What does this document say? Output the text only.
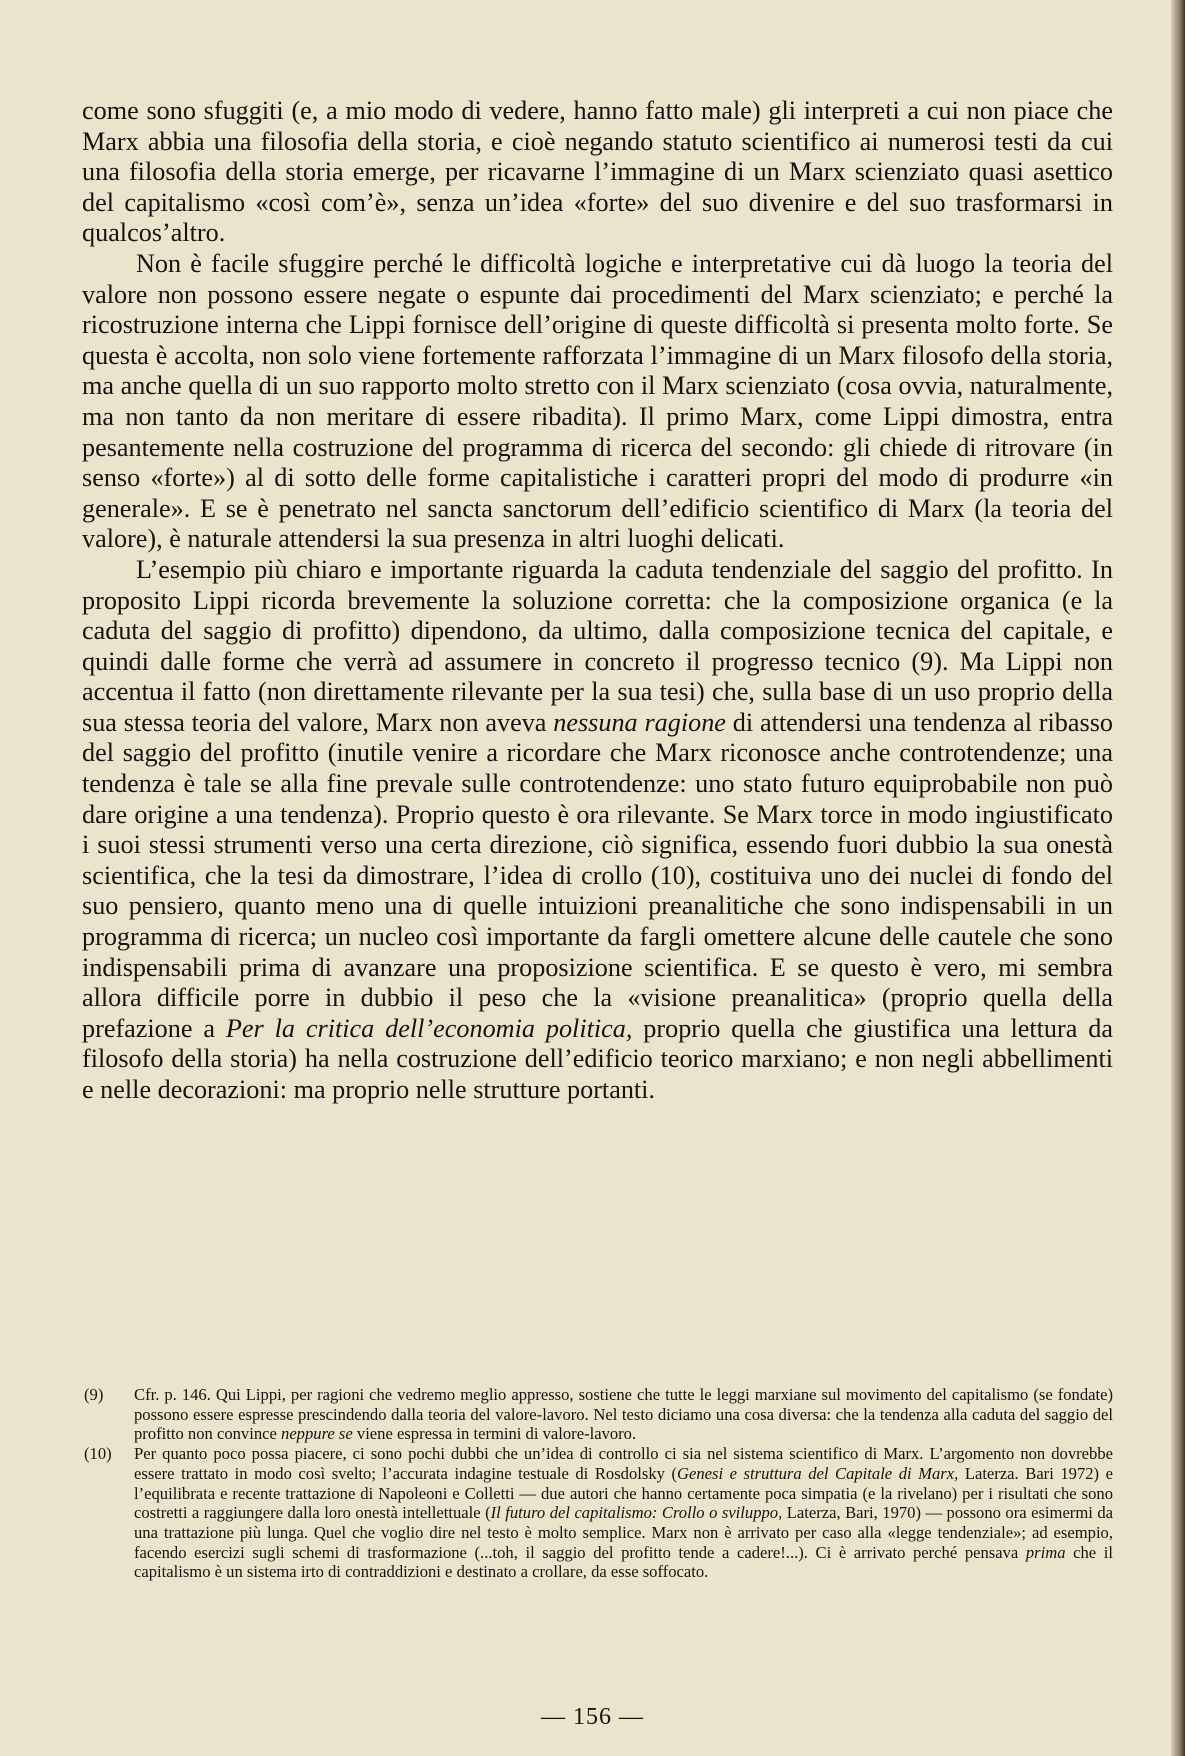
come sono sfuggiti (e, a mio modo di vedere, hanno fatto male) gli interpreti a cui non piace che Marx abbia una filosofia della storia, e cioè negando statuto scientifico ai numerosi testi da cui una filosofia della storia emerge, per ricavarne l’immagine di un Marx scienziato quasi asettico del capitalismo «così com’è», senza un’idea «forte» del suo divenire e del suo trasformarsi in qualcos’altro.

Non è facile sfuggire perché le difficoltà logiche e interpretative cui dà luogo la teoria del valore non possono essere negate o espunte dai procedimenti del Marx scienziato; e perché la ricostruzione interna che Lippi fornisce dell’origine di queste difficoltà si presenta molto forte. Se questa è accolta, non solo viene fortemente rafforzata l’immagine di un Marx filosofo della storia, ma anche quella di un suo rapporto molto stretto con il Marx scienziato (cosa ovvia, naturalmente, ma non tanto da non meritare di essere ribadita). Il primo Marx, come Lippi dimostra, entra pesantemente nella costruzione del programma di ricerca del secondo: gli chiede di ritrovare (in senso «forte») al di sotto delle forme capitalistiche i caratteri propri del modo di produrre «in generale». E se è penetrato nel sancta sanctorum dell’edificio scientifico di Marx (la teoria del valore), è naturale attendersi la sua presenza in altri luoghi delicati.

L’esempio più chiaro e importante riguarda la caduta tendenziale del saggio del profitto. In proposito Lippi ricorda brevemente la soluzione corretta: che la composizione organica (e la caduta del saggio di profitto) dipendono, da ultimo, dalla composizione tecnica del capitale, e quindi dalle forme che verrà ad assumere in concreto il progresso tecnico (9). Ma Lippi non accentua il fatto (non direttamente rilevante per la sua tesi) che, sulla base di un uso proprio della sua stessa teoria del valore, Marx non aveva nessuna ragione di attendersi una tendenza al ribasso del saggio del profitto (inutile venire a ricordare che Marx riconosce anche controtendenze; una tendenza è tale se alla fine prevale sulle controtendenze: uno stato futuro equiprobabile non può dare origine a una tendenza). Proprio questo è ora rilevante. Se Marx torce in modo ingiustificato i suoi stessi strumenti verso una certa direzione, ciò significa, essendo fuori dubbio la sua onestà scientifica, che la tesi da dimostrare, l’idea di crollo (10), costituiva uno dei nuclei di fondo del suo pensiero, quanto meno una di quelle intuizioni preanalitiche che sono indispensabili in un programma di ricerca; un nucleo così importante da fargli omettere alcune delle cautele che sono indispensabili prima di avanzare una proposizione scientifica. E se questo è vero, mi sembra allora difficile porre in dubbio il peso che la «visione preanalitica» (proprio quella della prefazione a Per la critica dell’economia politica, proprio quella che giustifica una lettura da filosofo della storia) ha nella costruzione dell’edificio teorico marxiano; e non negli abbellimenti e nelle decorazioni: ma proprio nelle strutture portanti.

(9) Cfr. p. 146. Qui Lippi, per ragioni che vedremo meglio appresso, sostiene che tutte le leggi marxiane sul movimento del capitalismo (se fondate) possono essere espresse prescindendo dalla teoria del valore-lavoro. Nel testo diciamo una cosa diversa: che la tendenza alla caduta del saggio del profitto non convince neppure se viene espressa in termini di valore-lavoro.
(10) Per quanto poco possa piacere, ci sono pochi dubbi che un’idea di controllo ci sia nel sistema scientifico di Marx. L’argomento non dovrebbe essere trattato in modo così svelto; l’accurata indagine testuale di Rosdolsky (Genesi e struttura del Capitale di Marx, Laterza. Bari 1972) e l’equilibrata e recente trattazione di Napoleoni e Colletti — due autori che hanno certamente poca simpatia (e la rivelano) per i risultati che sono costretti a raggiungere dalla loro onestà intellettuale (Il futuro del capitalismo: Crollo o sviluppo, Laterza, Bari, 1970) — possono ora esimermi da una trattazione più lunga. Quel che voglio dire nel testo è molto semplice. Marx non è arrivato per caso alla «legge tendenziale»; ad esempio, facendo esercizi sugli schemi di trasformazione (...toh, il saggio del profitto tende a cadere!...). Ci è arrivato perché pensava prima che il capitalismo è un sistema irto di contraddizioni e destinato a crollare, da esse soffocato.
— 156 —
